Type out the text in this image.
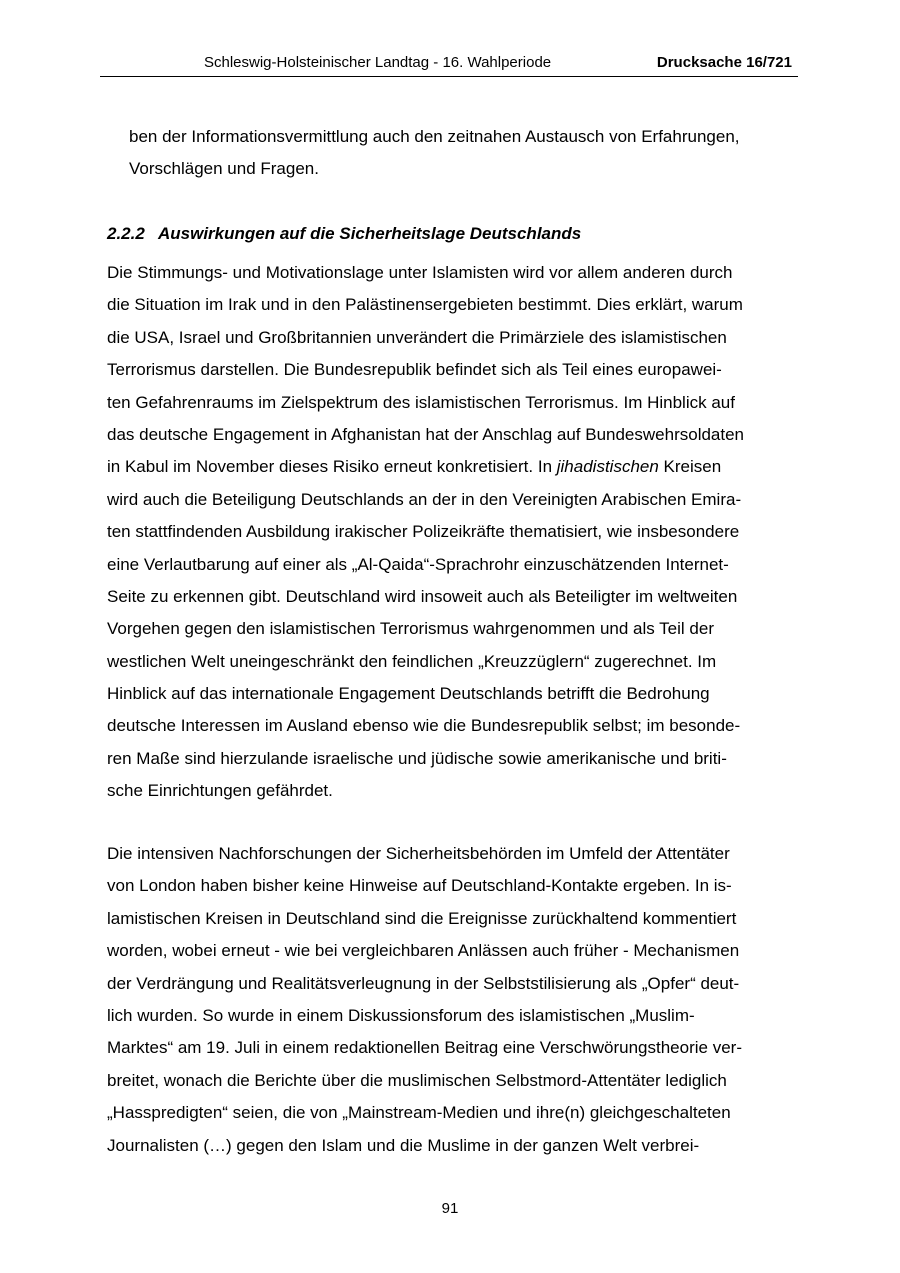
Schleswig-Holsteinischer Landtag - 16. Wahlperiode	Drucksache 16/721
ben der Informationsvermittlung auch den zeitnahen Austausch von Erfahrungen,
Vorschlägen und Fragen.
2.2.2 Auswirkungen auf die Sicherheitslage Deutschlands
Die Stimmungs- und Motivationslage unter Islamisten wird vor allem anderen durch
die Situation im Irak und in den Palästinensergebieten bestimmt. Dies erklärt, warum
die USA, Israel und Großbritannien unverändert die Primärziele des islamistischen
Terrorismus darstellen. Die Bundesrepublik befindet sich als Teil eines europawei-
ten Gefahrenraums im Zielspektrum des islamistischen Terrorismus. Im Hinblick auf
das deutsche Engagement in Afghanistan hat der Anschlag auf Bundeswehrsoldaten
in Kabul im November dieses Risiko erneut konkretisiert. In jihadistischen Kreisen
wird auch die Beteiligung Deutschlands an der in den Vereinigten Arabischen Emira-
ten stattfindenden Ausbildung irakischer Polizeikräfte thematisiert, wie insbesondere
eine Verlautbarung auf einer als „Al-Qaida“-Sprachrohr einzuschätzenden Internet-
Seite zu erkennen gibt. Deutschland wird insoweit auch als Beteiligter im weltweiten
Vorgehen gegen den islamistischen Terrorismus wahrgenommen und als Teil der
westlichen Welt uneingeschränkt den feindlichen „Kreuzzüglern“ zugerechnet. Im
Hinblick auf das internationale Engagement Deutschlands betrifft die Bedrohung
deutsche Interessen im Ausland ebenso wie die Bundesrepublik selbst; im besonde-
ren Maße sind hierzulande israelische und jüdische sowie amerikanische und briti-
sche Einrichtungen gefährdet.
Die intensiven Nachforschungen der Sicherheitsbehörden im Umfeld der Attentäter
von London haben bisher keine Hinweise auf Deutschland-Kontakte ergeben. In is-
lamistischen Kreisen in Deutschland sind die Ereignisse zurückhaltend kommentiert
worden, wobei erneut - wie bei vergleichbaren Anlässen auch früher - Mechanismen
der Verdrängung und Realitätsverleugnung in der Selbststilisierung als „Opfer“ deut-
lich wurden. So wurde in einem Diskussionsforum des islamistischen „Muslim-
Marktes“ am 19. Juli in einem redaktionellen Beitrag eine Verschwörungstheorie ver-
breitet, wonach die Berichte über die muslimischen Selbstmord-Attentäter lediglich
„Hasspredigten“ seien, die von „Mainstream-Medien und ihre(n) gleichgeschalteten
Journalisten (…) gegen den Islam und die Muslime in der ganzen Welt verbrei-
91
